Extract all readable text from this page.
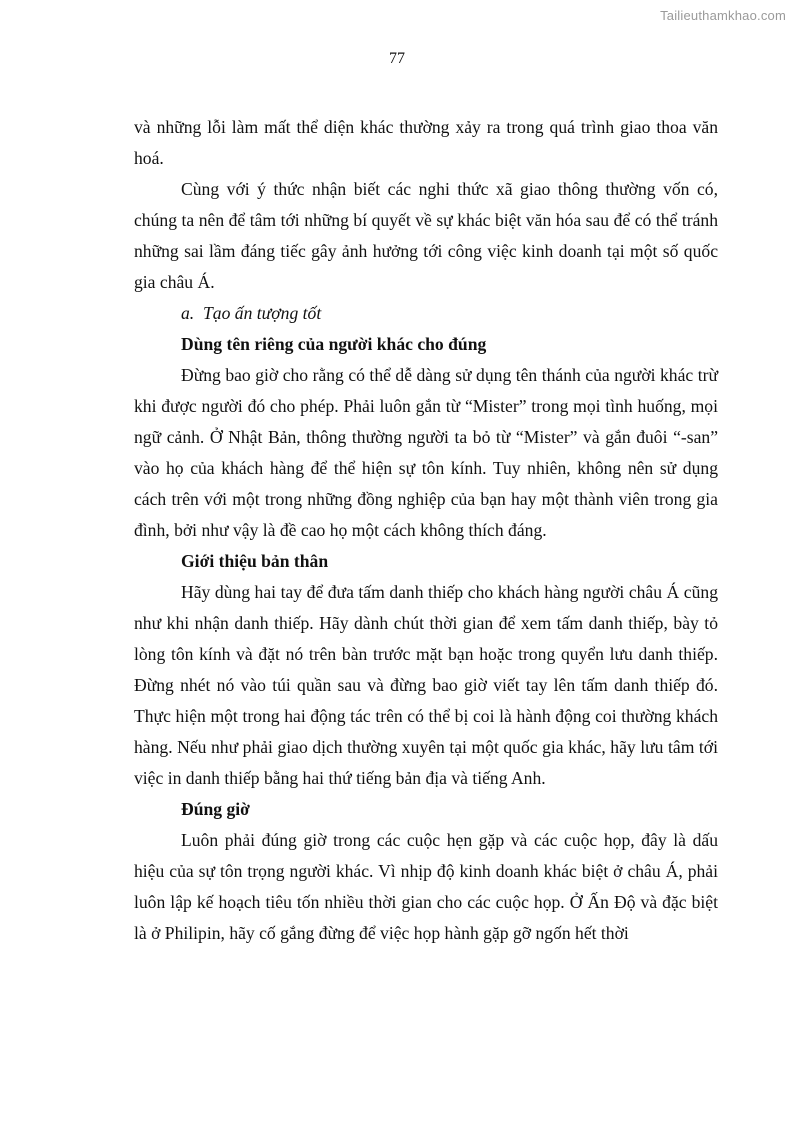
Tailieuthamkhao.com
77

và những lỗi làm mất thể diện khác thường xảy ra trong quá trình giao thoa văn hoá.

Cùng với ý thức nhận biết các nghi thức xã giao thông thường vốn có, chúng ta nên để tâm tới những bí quyết về sự khác biệt văn hóa sau để có thể tránh những sai lầm đáng tiếc gây ảnh hưởng tới công việc kinh doanh tại một số quốc gia châu Á.

a. Tạo ấn tượng tốt

Dùng tên riêng của người khác cho đúng

Đừng bao giờ cho rằng có thể dễ dàng sử dụng tên thánh của người khác trừ khi được người đó cho phép. Phải luôn gắn từ “Mister” trong mọi tình huống, mọi ngữ cảnh. Ở Nhật Bản, thông thường người ta bỏ từ “Mister” và gắn đuôi “-san” vào họ của khách hàng để thể hiện sự tôn kính. Tuy nhiên, không nên sử dụng cách trên với một trong những đồng nghiệp của bạn hay một thành viên trong gia đình, bởi như vậy là đề cao họ một cách không thích đáng.

Giới thiệu bản thân

Hãy dùng hai tay để đưa tấm danh thiếp cho khách hàng người châu Á cũng như khi nhận danh thiếp. Hãy dành chút thời gian để xem tấm danh thiếp, bày tỏ lòng tôn kính và đặt nó trên bàn trước mặt bạn hoặc trong quyển lưu danh thiếp. Đừng nhét nó vào túi quần sau và đừng bao giờ viết tay lên tấm danh thiếp đó. Thực hiện một trong hai động tác trên có thể bị coi là hành động coi thường khách hàng. Nếu như phải giao dịch thường xuyên tại một quốc gia khác, hãy lưu tâm tới việc in danh thiếp bằng hai thứ tiếng bản địa và tiếng Anh.

Đúng giờ

Luôn phải đúng giờ trong các cuộc hẹn gặp và các cuộc họp, đây là dấu hiệu của sự tôn trọng người khác. Vì nhịp độ kinh doanh khác biệt ở châu Á, phải luôn lập kế hoạch tiêu tốn nhiều thời gian cho các cuộc họp. Ở Ấn Độ và đặc biệt là ở Philipin, hãy cố gắng đừng để việc họp hành gặp gỡ ngốn hết thời
